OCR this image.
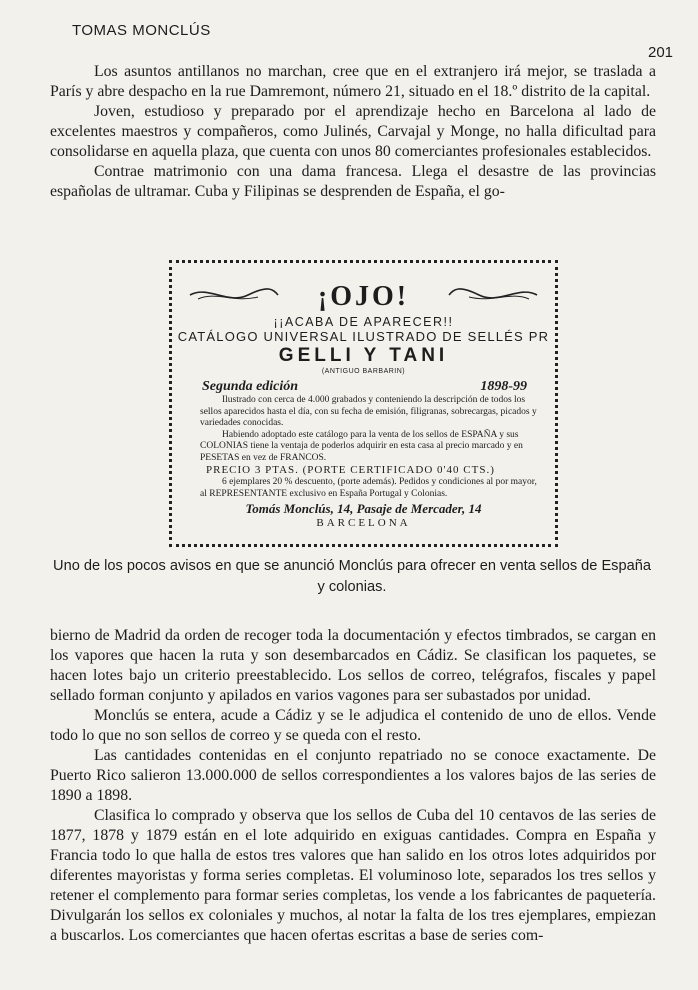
TOMAS MONCLÚS
201

Los asuntos antillanos no marchan, cree que en el extranjero irá mejor, se traslada a París y abre despacho en la rue Damremont, número 21, situado en el 18.º distrito de la capital.

Joven, estudioso y preparado por el aprendizaje hecho en Barcelona al lado de excelentes maestros y compañeros, como Julinés, Carvajal y Monge, no halla dificultad para consolidarse en aquella plaza, que cuenta con unos 80 comerciantes profesionales establecidos.

Contrae matrimonio con una dama francesa. Llega el desastre de las provincias españolas de ultramar. Cuba y Filipinas se desprenden de España, el go-

¡OJO!
¡¡ACABA DE APARECER!!
CATÁLOGO UNIVERSAL ILUSTRADO DE SELLÉS PR
GELLI Y TANI
(ANTIGUO BARBARIN)
Segunda edición	1898-99

Ilustrado con cerca de 4.000 grabados y conteniendo la descripción de todos los sellos aparecidos hasta el día, con su fecha de emisión, filigranas, sobrecargas, picados y variedades conocidas.

Habiendo adoptado este catálogo para la venta de los sellos de ESPAÑA y sus COLONIAS tiene la ventaja de poderlos adquirir en esta casa al precio marcado y en PESETAS en vez de FRANCOS.

PRECIO 3 PTAS. (PORTE CERTIFICADO 0'40 CTS.)

6 ejemplares 20 % descuento, (porte además). Pedidos y condiciones al por mayor, al REPRESENTANTE exclusivo en España Portugal y Colonias.

Tomás Monclús, 14, Pasaje de Mercader, 14
BARCELONA
Uno de los pocos avisos en que se anunció Monclús para ofrecer en venta sellos de España y colonias.

bierno de Madrid da orden de recoger toda la documentación y efectos timbrados, se cargan en los vapores que hacen la ruta y son desembarcados en Cádiz. Se clasifican los paquetes, se hacen lotes bajo un criterio preestablecido. Los sellos de correo, telégrafos, fiscales y papel sellado forman conjunto y apilados en varios vagones para ser subastados por unidad.

Monclús se entera, acude a Cádiz y se le adjudica el contenido de uno de ellos. Vende todo lo que no son sellos de correo y se queda con el resto.

Las cantidades contenidas en el conjunto repatriado no se conoce exactamente. De Puerto Rico salieron 13.000.000 de sellos correspondientes a los valores bajos de las series de 1890 a 1898.

Clasifica lo comprado y observa que los sellos de Cuba del 10 centavos de las series de 1877, 1878 y 1879 están en el lote adquirido en exiguas cantidades. Compra en España y Francia todo lo que halla de estos tres valores que han salido en los otros lotes adquiridos por diferentes mayoristas y forma series completas. El voluminoso lote, separados los tres sellos y retener el complemento para formar series completas, los vende a los fabricantes de paquetería. Divulgarán los sellos ex coloniales y muchos, al notar la falta de los tres ejemplares, empiezan a buscarlos. Los comerciantes que hacen ofertas escritas a base de series com-
